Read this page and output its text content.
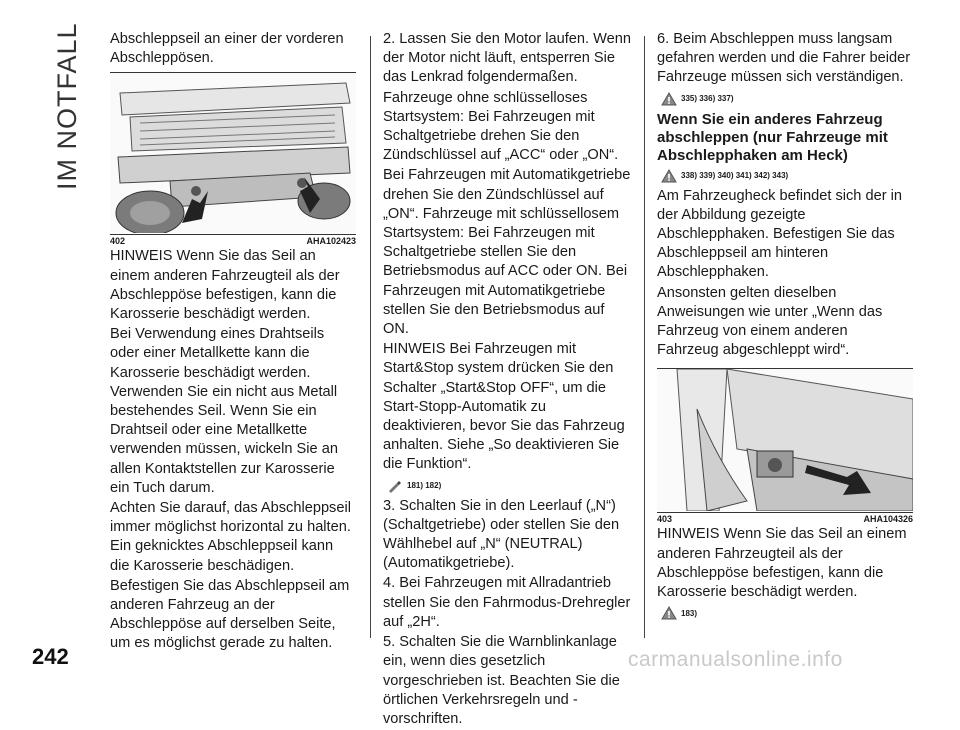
IM NOTFALL Abschleppseil an einer der vorderen Abschleppösen.

402	AHA102423

HINWEIS Wenn Sie das Seil an einem anderen Fahrzeugteil als der Abschleppöse befestigen, kann die Karosserie beschädigt werden.

Bei Verwendung eines Drahtseils oder einer Metallkette kann die Karosserie beschädigt werden. Verwenden Sie ein nicht aus Metall bestehendes Seil. Wenn Sie ein Drahtseil oder eine Metallkette verwenden müssen, wickeln Sie an allen Kontaktstellen zur Karosserie ein Tuch darum.

Achten Sie darauf, das Abschleppseil immer möglichst horizontal zu halten. Ein geknicktes Abschleppseil kann die Karosserie beschädigen.

Befestigen Sie das Abschleppseil am anderen Fahrzeug an der Abschleppöse auf derselben Seite, um es möglichst gerade zu halten.

2. Lassen Sie den Motor laufen. Wenn der Motor nicht läuft, entsperren Sie das Lenkrad folgendermaßen.

Fahrzeuge ohne schlüsselloses Startsystem: Bei Fahrzeugen mit Schaltgetriebe drehen Sie den Zündschlüssel auf „ACC“ oder „ON“.

Bei Fahrzeugen mit Automatikgetriebe drehen Sie den Zündschlüssel auf „ON“. Fahrzeuge mit schlüssellosem Startsystem: Bei Fahrzeugen mit Schaltgetriebe stellen Sie den Betriebsmodus auf ACC oder ON. Bei Fahrzeugen mit Automatikgetriebe stellen Sie den Betriebsmodus auf ON.

HINWEIS Bei Fahrzeugen mit Start&Stop system drücken Sie den Schalter „Start&Stop OFF“, um die Start-Stopp-Automatik zu deaktivieren, bevor Sie das Fahrzeug anhalten. Siehe „So deaktivieren Sie die Funktion“.

181) 182)

3. Schalten Sie in den Leerlauf („N“) (Schaltgetriebe) oder stellen Sie den Wählhebel auf „N“ (NEUTRAL) (Automatikgetriebe).

4. Bei Fahrzeugen mit Allradantrieb stellen Sie den Fahrmodus-Drehregler auf „2H“.

5. Schalten Sie die Warnblinkanlage ein, wenn dies gesetzlich vorgeschrieben ist. Beachten Sie die örtlichen Verkehrsregeln und -vorschriften.

6. Beim Abschleppen muss langsam gefahren werden und die Fahrer beider Fahrzeuge müssen sich verständigen.

335) 336) 337)
Wenn Sie ein anderes Fahrzeug abschleppen (nur Fahrzeuge mit Abschlepphaken am Heck)
338) 339) 340) 341) 342) 343)

Am Fahrzeugheck befindet sich der in der Abbildung gezeigte Abschlepphaken. Befestigen Sie das Abschleppseil am hinteren Abschlepphaken.

Ansonsten gelten dieselben Anweisungen wie unter „Wenn das Fahrzeug von einem anderen Fahrzeug abgeschleppt wird“.

403	AHA104326

HINWEIS Wenn Sie das Seil an einem anderen Fahrzeugteil als der Abschleppöse befestigen, kann die Karosserie beschädigt werden.

183)
242	carmanualsonline.info
